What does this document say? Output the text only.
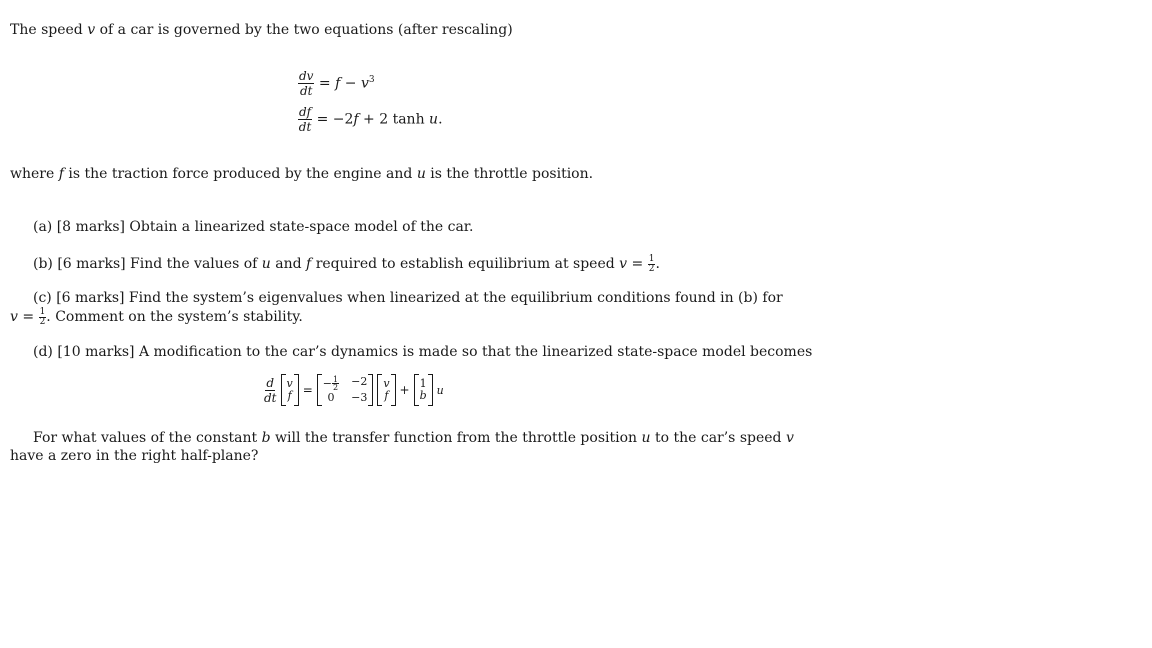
The speed v of a car is governed by the two equations (after rescaling)
$\frac{dv}{dt} = f - v^3$
$\frac{df}{dt} = -2f + 2$ tanh u.
where f is the traction force produced by the engine and u is the throttle position.
(a) [8 marks] Obtain a linearized state-space model of the car.
(b) [6 marks] Find the values of u and f required to establish equilibrium at speed $v = \frac{1}{2}$ .
(c) [6 marks] Find the system’s eigenvalues when linearized at the equilibrium conditions found in (b) for
$v = \frac{1}{2}$ . Comment on the system’s stability.
(d) [10 marks] A modification to the car’s dynamics is made so that the linearized state-space model becomes
$\frac{d}{dt}$ v
f = − $\frac{1}{2} -2$
0	−3
v
f + 1
b u
For what values of the constant b will the transfer function from the throttle position u to the car’s speed v
have a zero in the right half-plane?
